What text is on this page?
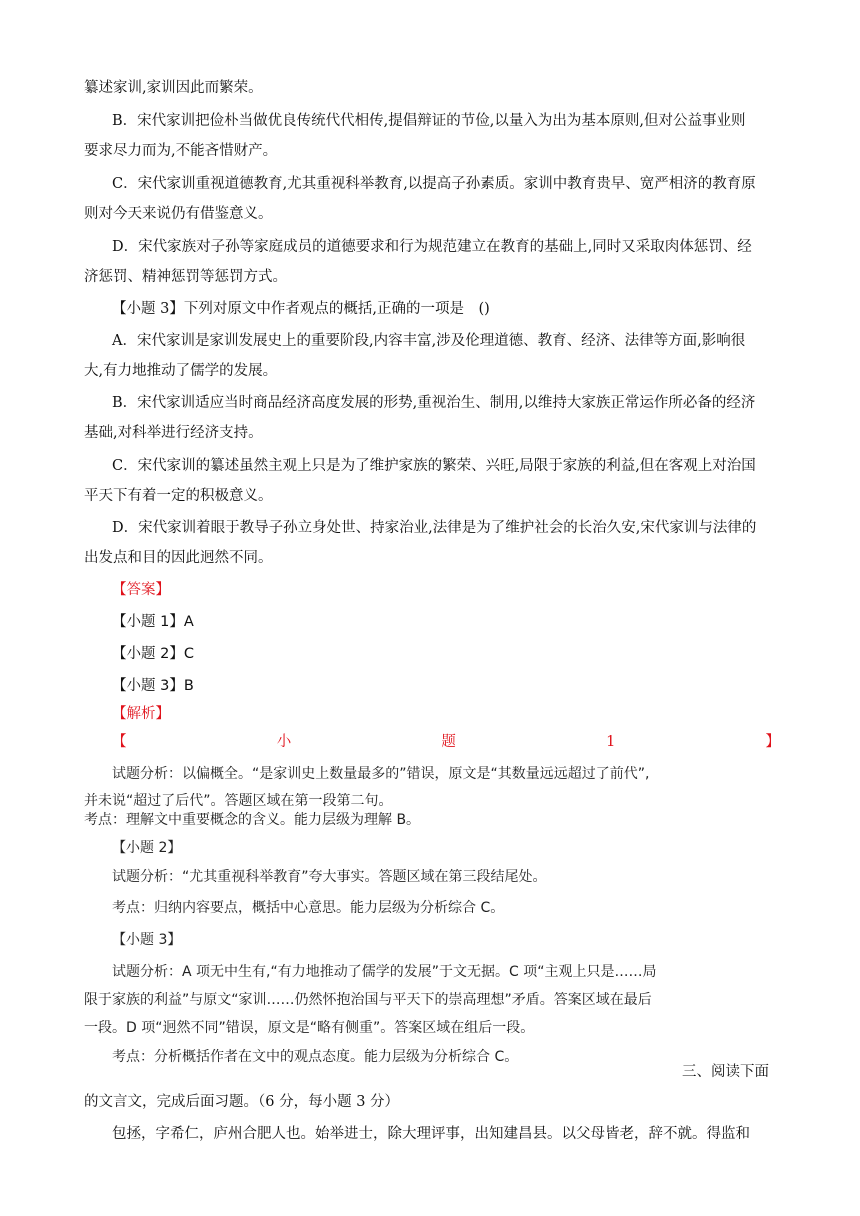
纂述家训,家训因此而繁荣。
B．宋代家训把俭朴当做优良传统代代相传,提倡辩证的节俭,以量入为出为基本原则,但对公益事业则
要求尽力而为,不能吝惜财产。
C．宋代家训重视道德教育,尤其重视科举教育,以提高子孙素质。家训中教育贵早、宽严相济的教育原
则对今天来说仍有借鉴意义。
D．宋代家族对子孙等家庭成员的道德要求和行为规范建立在教育的基础上,同时又采取肉体惩罚、经
济惩罚、精神惩罚等惩罚方式。
【小题 3】下列对原文中作者观点的概括,正确的一项是　()
A．宋代家训是家训发展史上的重要阶段,内容丰富,涉及伦理道德、教育、经济、法律等方面,影响很
大,有力地推动了儒学的发展。
B．宋代家训适应当时商品经济高度发展的形势,重视治生、制用,以维持大家族正常运作所必备的经济
基础,对科举进行经济支持。
C．宋代家训的纂述虽然主观上只是为了维护家族的繁荣、兴旺,局限于家族的利益,但在客观上对治国
平天下有着一定的积极意义。
D．宋代家训着眼于教导子孙立身处世、持家治业,法律是为了维护社会的长治久安,宋代家训与法律的
出发点和目的因此迥然不同。
【答案】
【小题 1】A
【小题 2】C
【小题 3】B
【解析】
【	小	题	1	】
试题分析：以偏概全。“是家训史上数量最多的”错误，原文是“其数量远远超过了前代”,
并未说“超过了后代”。答题区域在第一段第二句。
考点：理解文中重要概念的含义。能力层级为理解 B。
【小题 2】
试题分析：“尤其重视科举教育”夸大事实。答题区域在第三段结尾处。
考点：归纳内容要点，概括中心意思。能力层级为分析综合 C。
【小题 3】
试题分析：A 项无中生有,“有力地推动了儒学的发展”于文无据。C 项“主观上只是……局
限于家族的利益”与原文“家训……仍然怀抱治国与平天下的崇高理想”矛盾。答案区域在最后
一段。D 项“迥然不同”错误，原文是“略有侧重”。答案区域在组后一段。
考点：分析概括作者在文中的观点态度。能力层级为分析综合 C。
三、阅读下面
的文言文，完成后面习题。（6 分，每小题 3 分）
包拯，字希仁，庐州合肥人也。始举进士，除大理评事，出知建昌县。以父母皆老，辞不就。得监和
